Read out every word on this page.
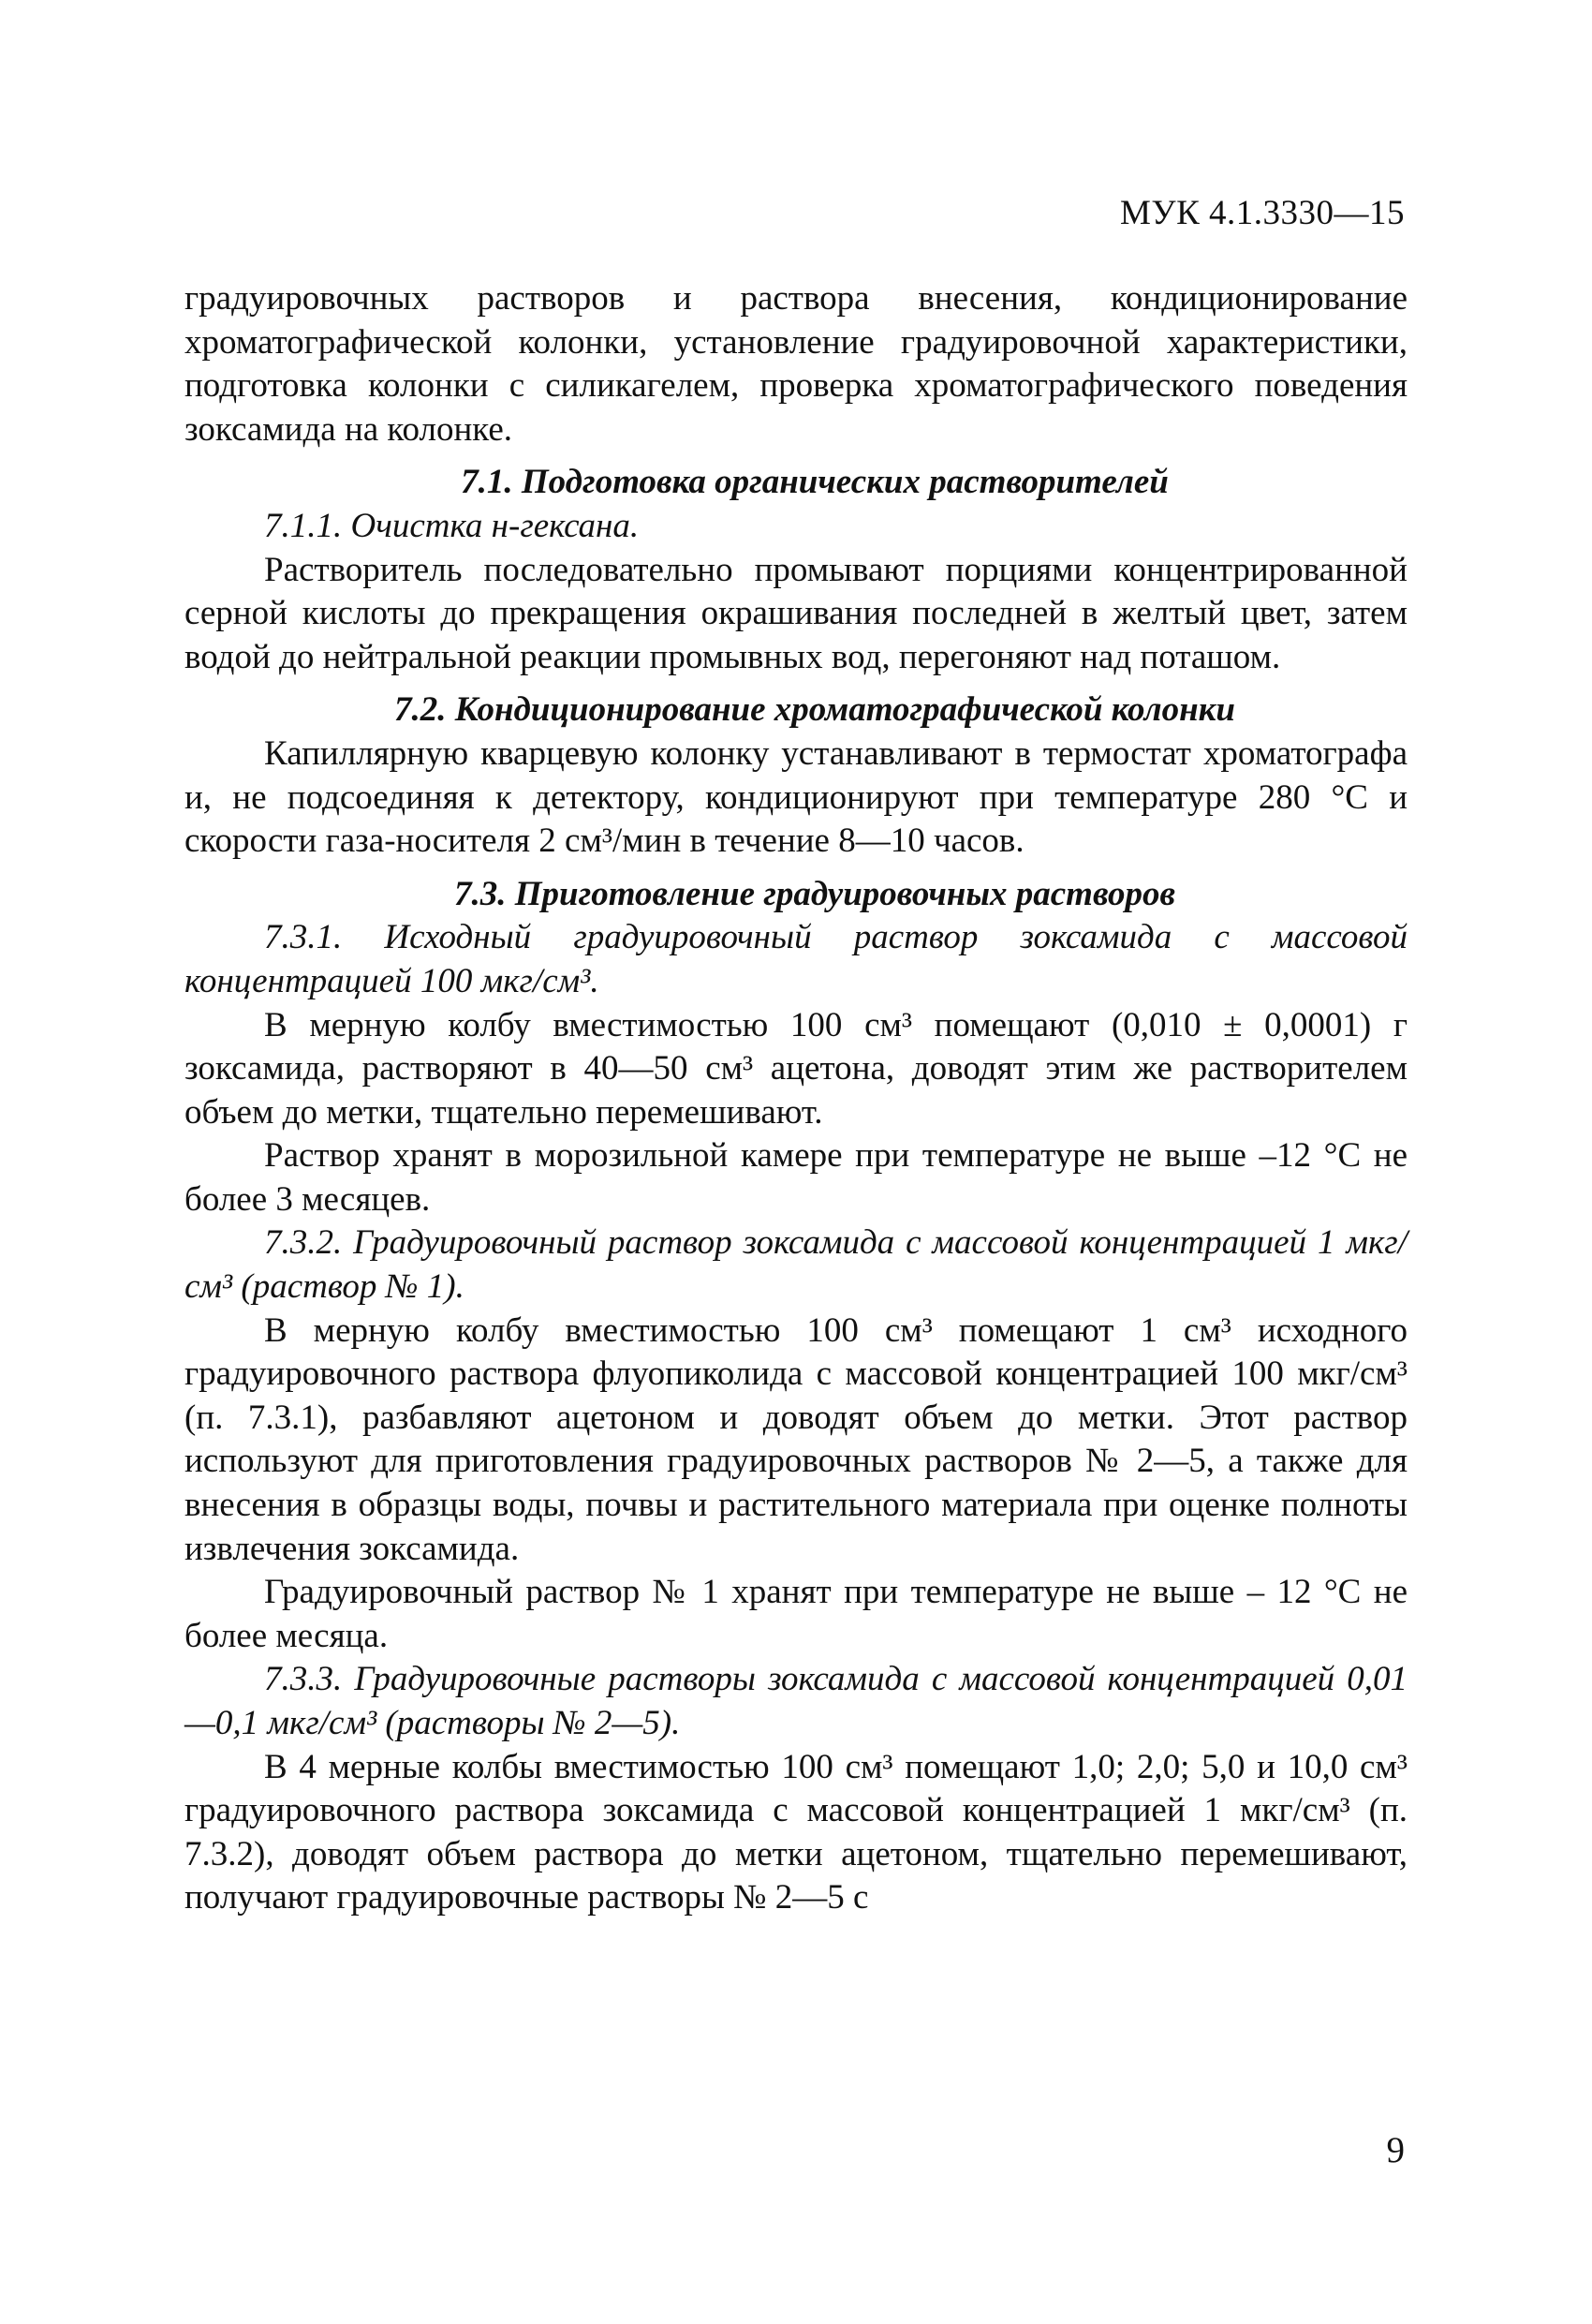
МУК 4.1.3330—15

градуировочных растворов и раствора внесения, кондиционирование хроматографической колонки, установление градуировочной характеристики, подготовка колонки с силикагелем, проверка хроматографического поведения зоксамида на колонке.

7.1. Подготовка органических растворителей

7.1.1. Очистка н-гексана.

Растворитель последовательно промывают порциями концентрированной серной кислоты до прекращения окрашивания последней в желтый цвет, затем водой до нейтральной реакции промывных вод, перегоняют над поташом.

7.2. Кондиционирование хроматографической колонки

Капиллярную кварцевую колонку устанавливают в термостат хроматографа и, не подсоединяя к детектору, кондиционируют при температуре 280 °С и скорости газа-носителя 2 см³/мин в течение 8—10 часов.

7.3. Приготовление градуировочных растворов

7.3.1. Исходный градуировочный раствор зоксамида с массовой концентрацией 100 мкг/см³.

В мерную колбу вместимостью 100 см³ помещают (0,010 ± 0,0001) г зоксамида, растворяют в 40—50 см³ ацетона, доводят этим же растворителем объем до метки, тщательно перемешивают.

Раствор хранят в морозильной камере при температуре не выше –12 °С не более 3 месяцев.

7.3.2. Градуировочный раствор зоксамида с массовой концентрацией 1 мкг/см³ (раствор № 1).

В мерную колбу вместимостью 100 см³ помещают 1 см³ исходного градуировочного раствора флуопиколида с массовой концентрацией 100 мкг/см³ (п. 7.3.1), разбавляют ацетоном и доводят объем до метки. Этот раствор используют для приготовления градуировочных растворов № 2—5, а также для внесения в образцы воды, почвы и растительного материала при оценке полноты извлечения зоксамида.

Градуировочный раствор № 1 хранят при температуре не выше – 12 °С не более месяца.

7.3.3. Градуировочные растворы зоксамида с массовой концентрацией 0,01—0,1 мкг/см³ (растворы № 2—5).

В 4 мерные колбы вместимостью 100 см³ помещают 1,0; 2,0; 5,0 и 10,0 см³ градуировочного раствора зоксамида с массовой концентрацией 1 мкг/см³ (п. 7.3.2), доводят объем раствора до метки ацетоном, тщательно перемешивают, получают градуировочные растворы № 2—5 с

9
